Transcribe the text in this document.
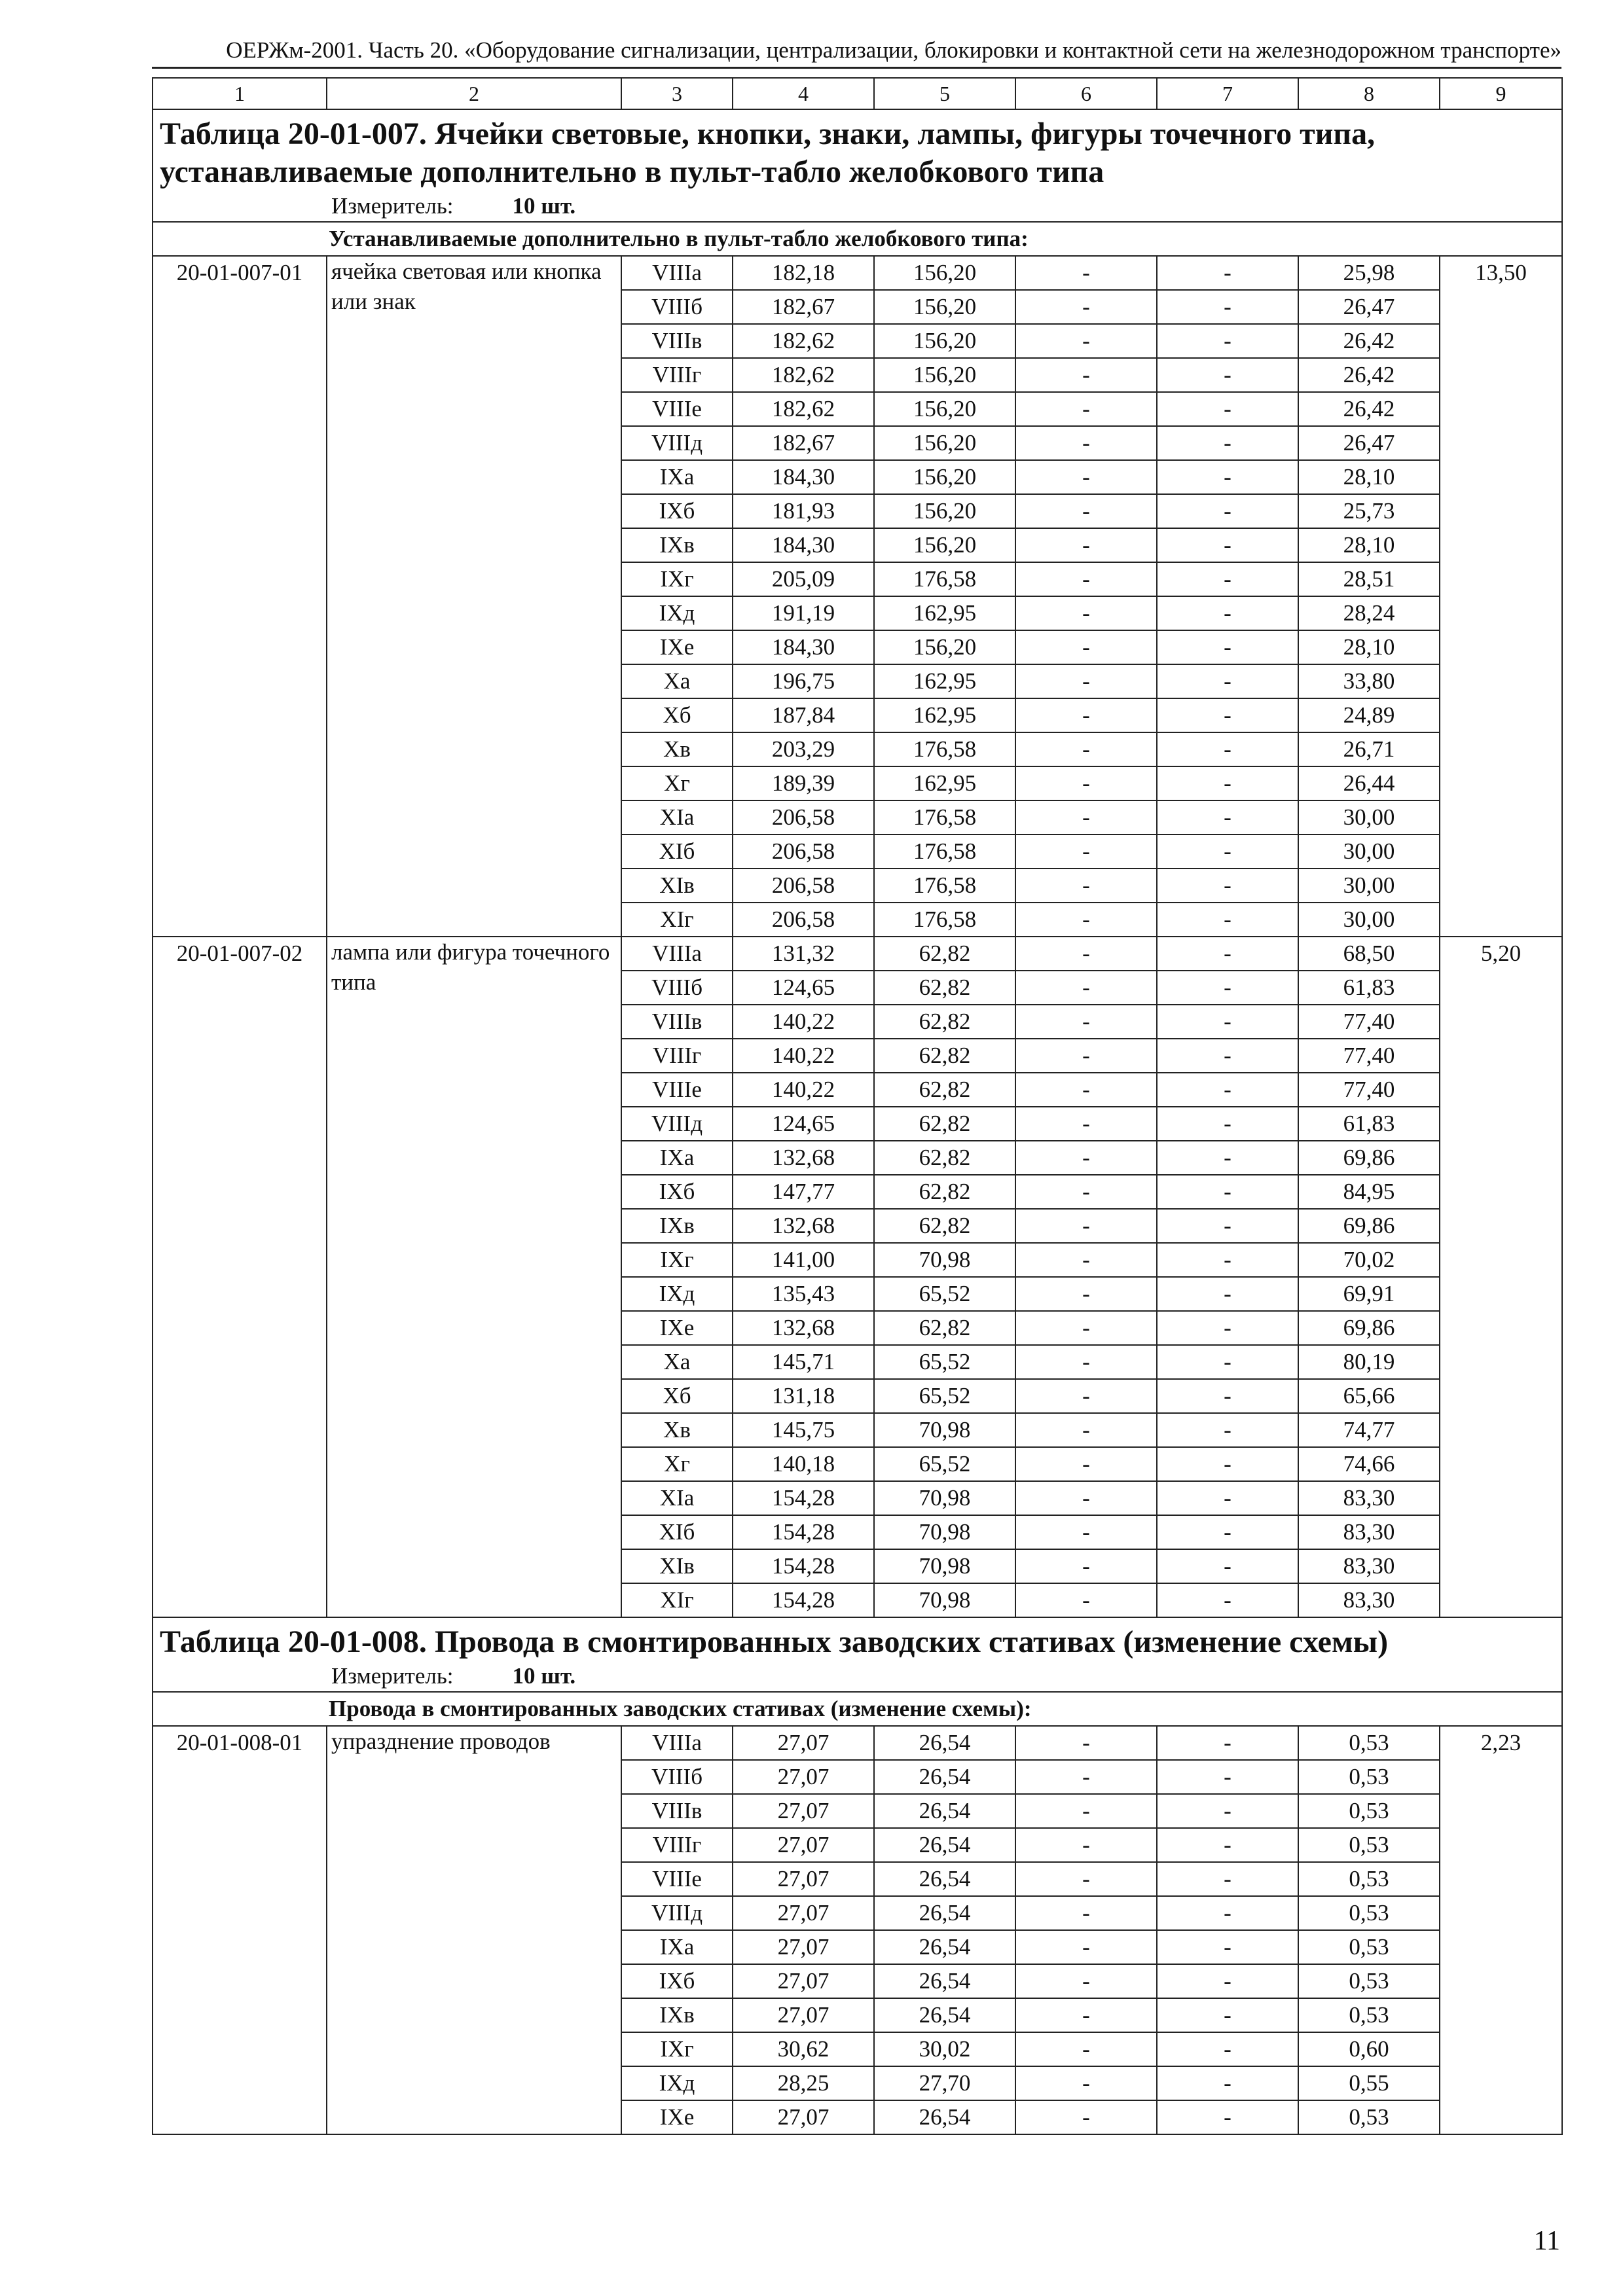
ОЕРЖм-2001. Часть 20. «Оборудование сигнализации, централизации, блокировки и контактной сети на железнодорожном транспорте»
1	2	3	4	5	6	7	8	9

Таблица 20-01-007. Ячейки световые, кнопки, знаки, лампы, фигуры точечного типа, устанавливаемые дополнительно в пульт-табло желобкового типа
Измеритель: 10 шт.								

Устанавливаемые дополнительно в пульт-табло желобкового типа:								
20-01-007-01	ячейка световая или кнопка или знак	VIIIа	182,18	156,20	-	-	25,98	13,50
		VIIIб	182,67	156,20	-	-	26,47	
		VIIIв	182,62	156,20	-	-	26,42	
		VIIIг	182,62	156,20	-	-	26,42	
		VIIIе	182,62	156,20	-	-	26,42	
		VIIIд	182,67	156,20	-	-	26,47	
		IXа	184,30	156,20	-	-	28,10	
		IXб	181,93	156,20	-	-	25,73	
		IXв	184,30	156,20	-	-	28,10	
		IXг	205,09	176,58	-	-	28,51	
		IXд	191,19	162,95	-	-	28,24	
		IXе	184,30	156,20	-	-	28,10	
		Xа	196,75	162,95	-	-	33,80	
		Xб	187,84	162,95	-	-	24,89	
		Xв	203,29	176,58	-	-	26,71	
		Xг	189,39	162,95	-	-	26,44	
		XIа	206,58	176,58	-	-	30,00	
		XIб	206,58	176,58	-	-	30,00	
		XIв	206,58	176,58	-	-	30,00	
		XIг	206,58	176,58	-	-	30,00	
20-01-007-02	лампа или фигура точечного типа	VIIIа	131,32	62,82	-	-	68,50	5,20
		VIIIб	124,65	62,82	-	-	61,83	
		VIIIв	140,22	62,82	-	-	77,40	
		VIIIг	140,22	62,82	-	-	77,40	
		VIIIе	140,22	62,82	-	-	77,40	
		VIIIд	124,65	62,82	-	-	61,83	
		IXа	132,68	62,82	-	-	69,86	
		IXб	147,77	62,82	-	-	84,95	
		IXв	132,68	62,82	-	-	69,86	
		IXг	141,00	70,98	-	-	70,02	
		IXд	135,43	65,52	-	-	69,91	
		IXе	132,68	62,82	-	-	69,86	
		Xа	145,71	65,52	-	-	80,19	
		Xб	131,18	65,52	-	-	65,66	
		Xв	145,75	70,98	-	-	74,77	
		Xг	140,18	65,52	-	-	74,66	
		XIа	154,28	70,98	-	-	83,30	
		XIб	154,28	70,98	-	-	83,30	
		XIв	154,28	70,98	-	-	83,30	
		XIг	154,28	70,98	-	-	83,30	

Таблица 20-01-008. Провода в смонтированных заводских стативах (изменение схемы)
Измеритель: 10 шт.								

Провода в смонтированных заводских стативах (изменение схемы):								
20-01-008-01	упразднение проводов	VIIIа	27,07	26,54	-	-	0,53	2,23
		VIIIб	27,07	26,54	-	-	0,53	
		VIIIв	27,07	26,54	-	-	0,53	
		VIIIг	27,07	26,54	-	-	0,53	
		VIIIе	27,07	26,54	-	-	0,53	
		VIIIд	27,07	26,54	-	-	0,53	
		IXа	27,07	26,54	-	-	0,53	
		IXб	27,07	26,54	-	-	0,53	
		IXв	27,07	26,54	-	-	0,53	
		IXг	30,62	30,02	-	-	0,60	
		IXд	28,25	27,70	-	-	0,55	
		IXе	27,07	26,54	-	-	0,53	
11
